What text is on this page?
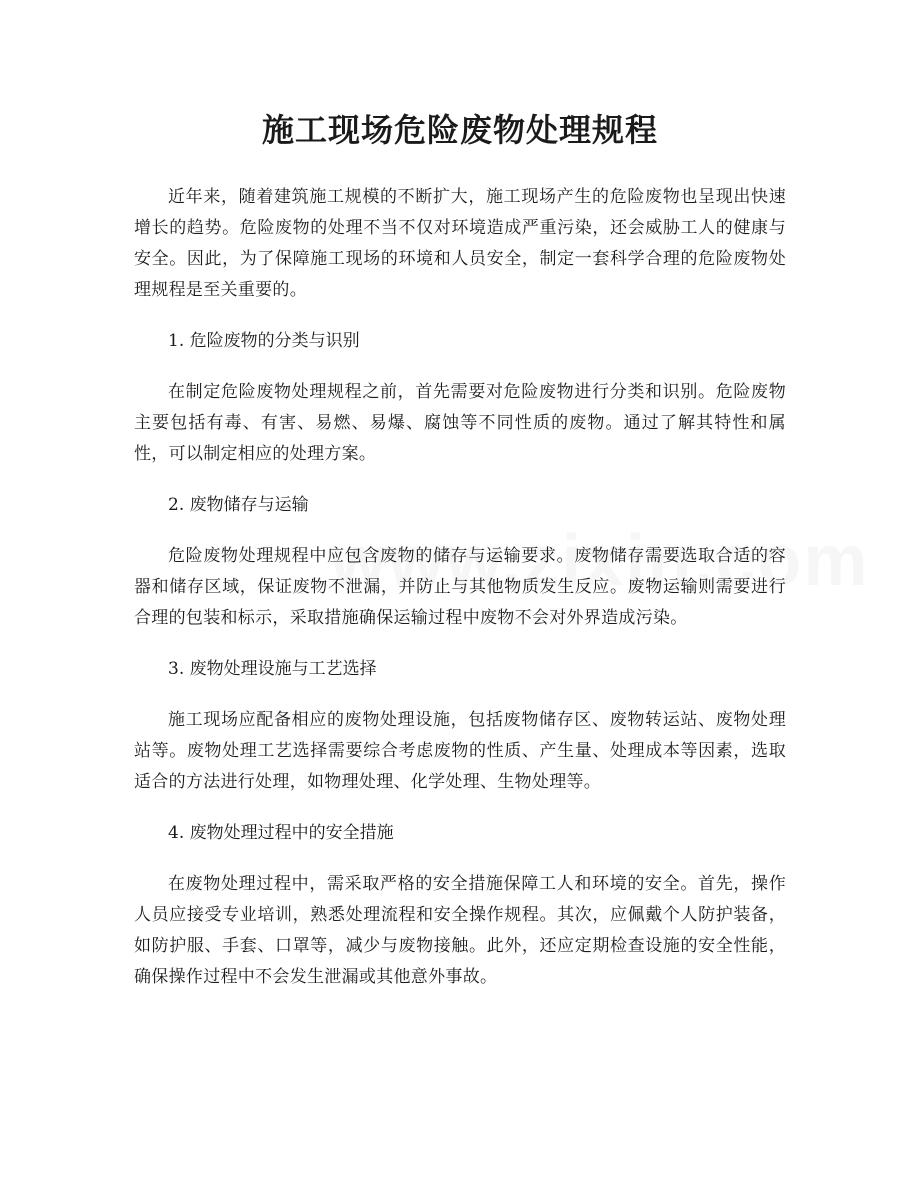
施工现场危险废物处理规程

近年来，随着建筑施工规模的不断扩大，施工现场产生的危险废物也呈现出快速增长的趋势。危险废物的处理不当不仅对环境造成严重污染，还会威胁工人的健康与安全。因此，为了保障施工现场的环境和人员安全，制定一套科学合理的危险废物处理规程是至关重要的。

1. 危险废物的分类与识别

在制定危险废物处理规程之前，首先需要对危险废物进行分类和识别。危险废物主要包括有毒、有害、易燃、易爆、腐蚀等不同性质的废物。通过了解其特性和属性，可以制定相应的处理方案。

2. 废物储存与运输

危险废物处理规程中应包含废物的储存与运输要求。废物储存需要选取合适的容器和储存区域，保证废物不泄漏，并防止与其他物质发生反应。废物运输则需要进行合理的包装和标示，采取措施确保运输过程中废物不会对外界造成污染。

3. 废物处理设施与工艺选择

施工现场应配备相应的废物处理设施，包括废物储存区、废物转运站、废物处理站等。废物处理工艺选择需要综合考虑废物的性质、产生量、处理成本等因素，选取适合的方法进行处理，如物理处理、化学处理、生物处理等。

4. 废物处理过程中的安全措施

在废物处理过程中，需采取严格的安全措施保障工人和环境的安全。首先，操作人员应接受专业培训，熟悉处理流程和安全操作规程。其次，应佩戴个人防护装备，如防护服、手套、口罩等，减少与废物接触。此外，还应定期检查设施的安全性能，确保操作过程中不会发生泄漏或其他意外事故。
